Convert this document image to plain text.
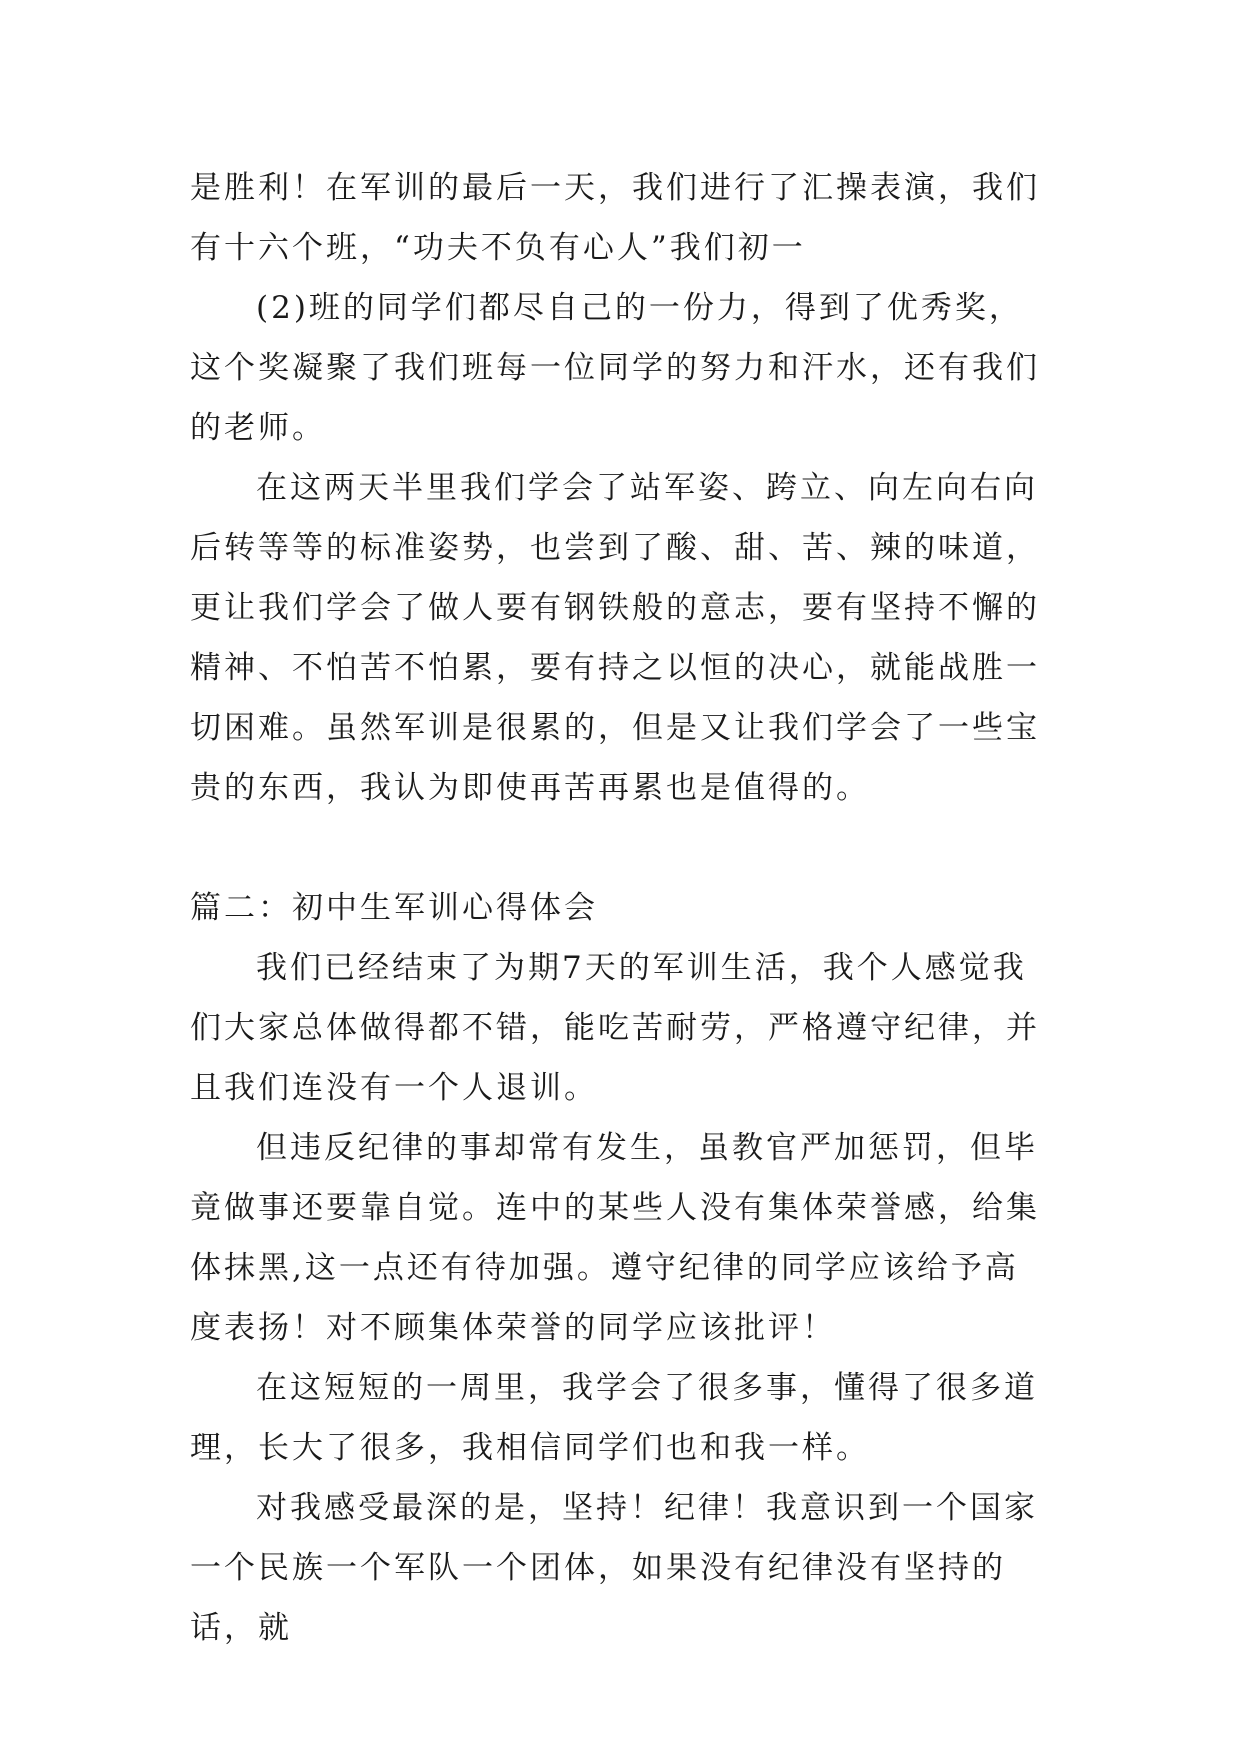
是胜利！在军训的最后一天，我们进行了汇操表演，我们有十六个班，“功夫不负有心人”我们初一

(2)班的同学们都尽自己的一份力，得到了优秀奖，这个奖凝聚了我们班每一位同学的努力和汗水，还有我们的老师。

在这两天半里我们学会了站军姿、跨立、向左向右向后转等等的标准姿势，也尝到了酸、甜、苦、辣的味道，更让我们学会了做人要有钢铁般的意志，要有坚持不懈的精神、不怕苦不怕累，要有持之以恒的决心，就能战胜一切困难。虽然军训是很累的，但是又让我们学会了一些宝贵的东西，我认为即使再苦再累也是值得的。

篇二：初中生军训心得体会

我们已经结束了为期7天的军训生活，我个人感觉我们大家总体做得都不错，能吃苦耐劳，严格遵守纪律，并且我们连没有一个人退训。

但违反纪律的事却常有发生，虽教官严加惩罚，但毕竟做事还要靠自觉。连中的某些人没有集体荣誉感，给集体抹黑,这一点还有待加强。遵守纪律的同学应该给予高度表扬！对不顾集体荣誉的同学应该批评！

在这短短的一周里，我学会了很多事，懂得了很多道理，长大了很多，我相信同学们也和我一样。

对我感受最深的是，坚持！纪律！我意识到一个国家一个民族一个军队一个团体，如果没有纪律没有坚持的话，就
